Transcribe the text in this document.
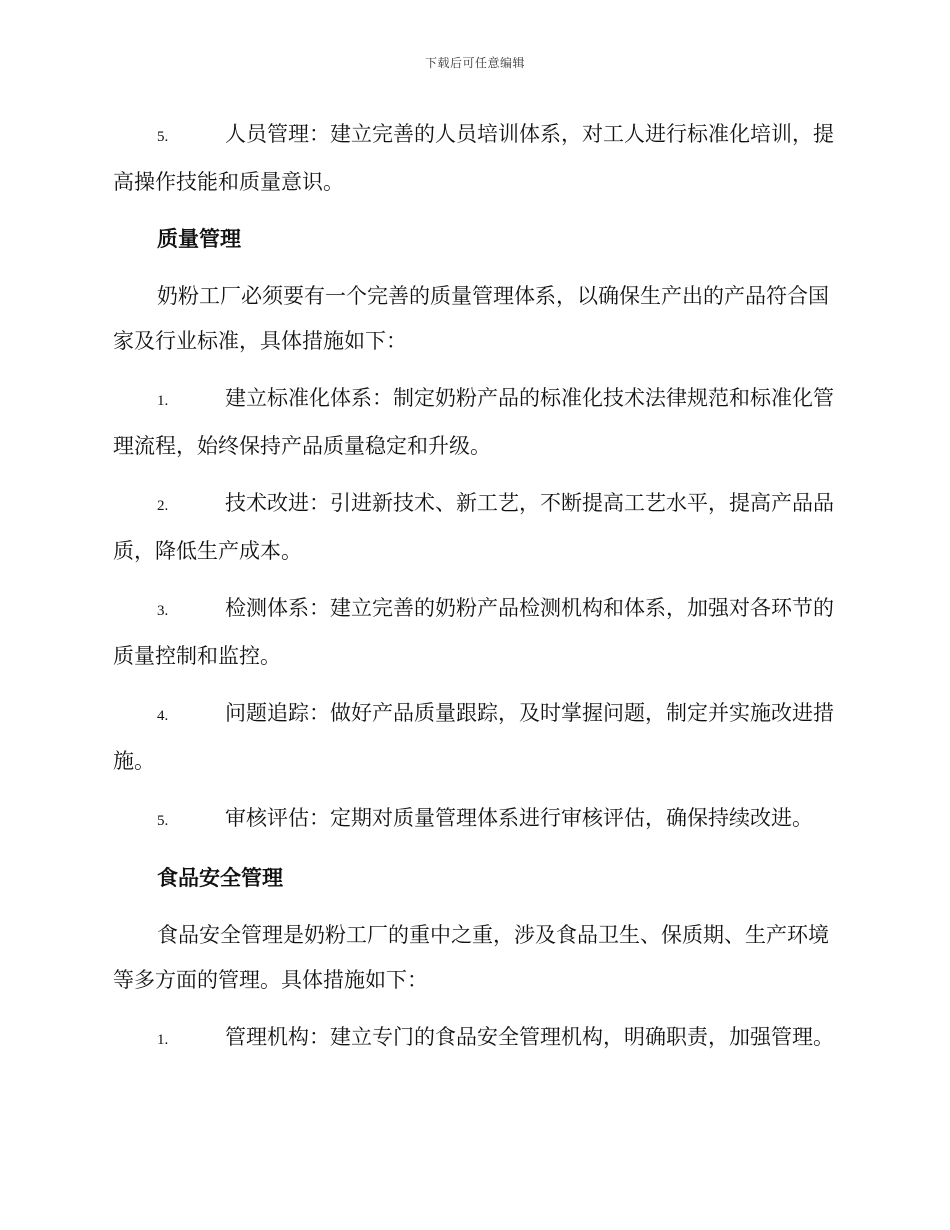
下载后可任意编辑
5.	人员管理：建立完善的人员培训体系，对工人进行标准化培训，提高操作技能和质量意识。
质量管理
奶粉工厂必须要有一个完善的质量管理体系，以确保生产出的产品符合国家及行业标准，具体措施如下：
1.	建立标准化体系：制定奶粉产品的标准化技术法律规范和标准化管理流程，始终保持产品质量稳定和升级。
2.	技术改进：引进新技术、新工艺，不断提高工艺水平，提高产品品质，降低生产成本。
3.	检测体系：建立完善的奶粉产品检测机构和体系，加强对各环节的质量控制和监控。
4.	问题追踪：做好产品质量跟踪，及时掌握问题，制定并实施改进措施。
5.	审核评估：定期对质量管理体系进行审核评估，确保持续改进。
食品安全管理
食品安全管理是奶粉工厂的重中之重，涉及食品卫生、保质期、生产环境等多方面的管理。具体措施如下：
1.	管理机构：建立专门的食品安全管理机构，明确职责，加强管理。
